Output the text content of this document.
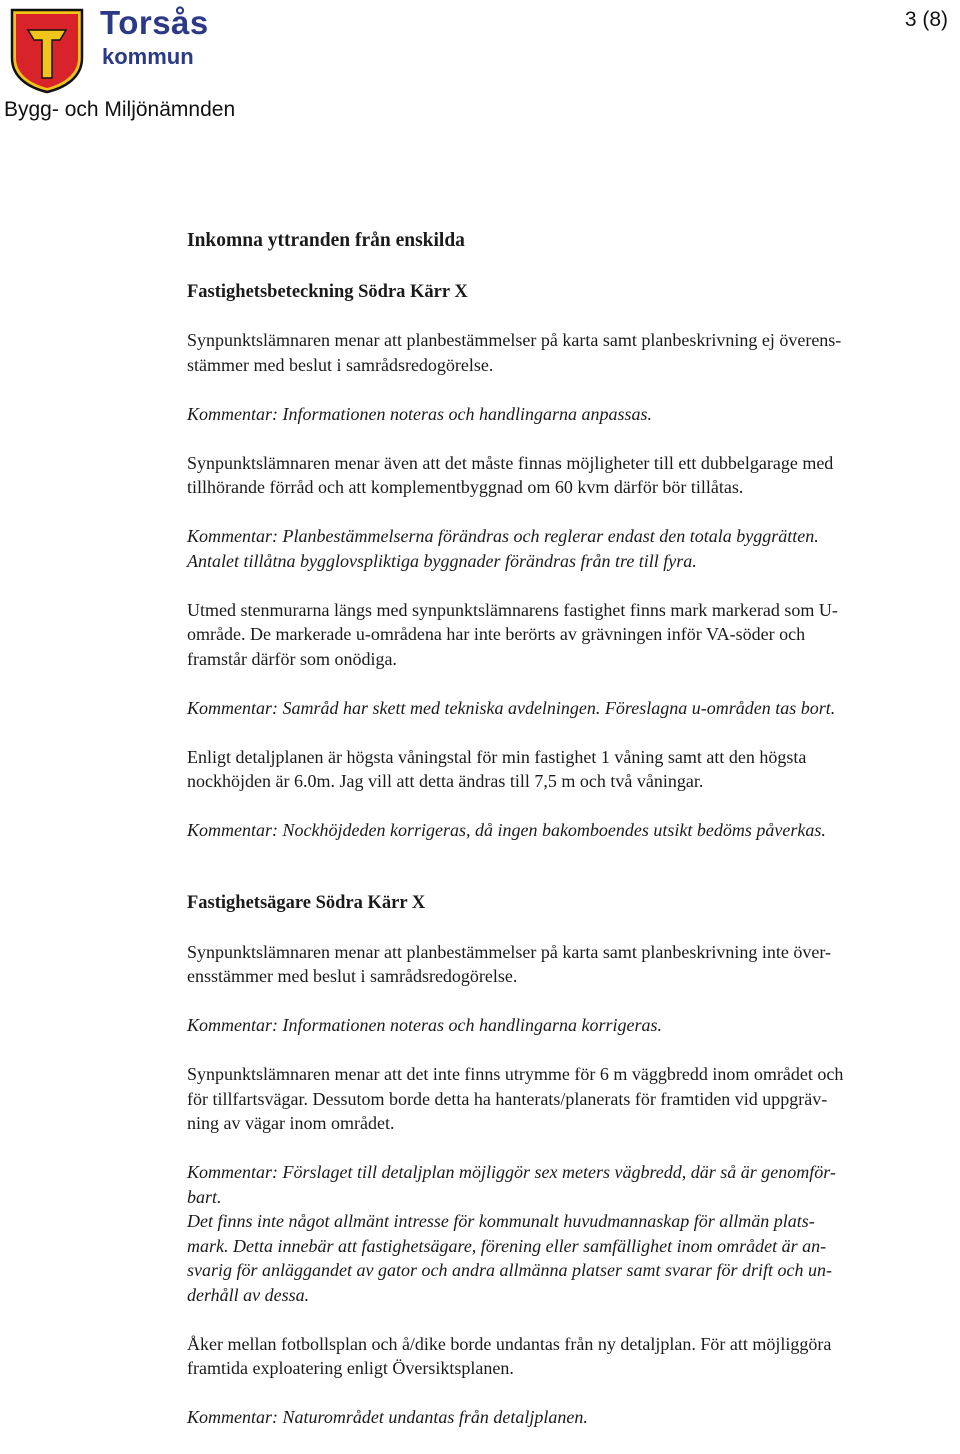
Torsås
kommun
3 (8)
Bygg- och Miljönämnden
Inkomna yttranden från enskilda
Fastighetsbeteckning Södra Kärr X

Synpunktslämnaren menar att planbestämmelser på karta samt planbeskrivning ej överens-
stämmer med beslut i samrådsredogörelse.

Kommentar: Informationen noteras och handlingarna anpassas.

Synpunktslämnaren menar även att det måste finnas möjligheter till ett dubbelgarage med
tillhörande förråd och att komplementbyggnad om 60 kvm därför bör tillåtas.

Kommentar: Planbestämmelserna förändras och reglerar endast den totala byggrätten.
Antalet tillåtna bygglovspliktiga byggnader förändras från tre till fyra.

Utmed stenmurarna längs med synpunktslämnarens fastighet finns mark markerad som U-
område. De markerade u-områdena har inte berörts av grävningen inför VA-söder och
framstår därför som onödiga.

Kommentar: Samråd har skett med tekniska avdelningen. Föreslagna u-områden tas bort.

Enligt detaljplanen är högsta våningstal för min fastighet 1 våning samt att den högsta
nockhöjden är 6.0m. Jag vill att detta ändras till 7,5 m och två våningar.

Kommentar: Nockhöjdeden korrigeras, då ingen bakomboendes utsikt bedöms påverkas.

Fastighetsägare Södra Kärr X

Synpunktslämnaren menar att planbestämmelser på karta samt planbeskrivning inte över-
ensstämmer med beslut i samrådsredogörelse.

Kommentar: Informationen noteras och handlingarna korrigeras.

Synpunktslämnaren menar att det inte finns utrymme för 6 m väggbredd inom området och
för tillfartsvägar. Dessutom borde detta ha hanterats/planerats för framtiden vid uppgräv-
ning av vägar inom området.

Kommentar: Förslaget till detaljplan möjliggör sex meters vägbredd, där så är genomför-
bart.
Det finns inte något allmänt intresse för kommunalt huvudmannaskap för allmän plats-
mark. Detta innebär att fastighetsägare, förening eller samfällighet inom området är an-
svarig för anläggandet av gator och andra allmänna platser samt svarar för drift och un-
derhåll av dessa.

Åker mellan fotbollsplan och å/dike borde undantas från ny detaljplan. För att möjliggöra
framtida exploatering enligt Översiktsplanen.

Kommentar: Naturområdet undantas från detaljplanen.
